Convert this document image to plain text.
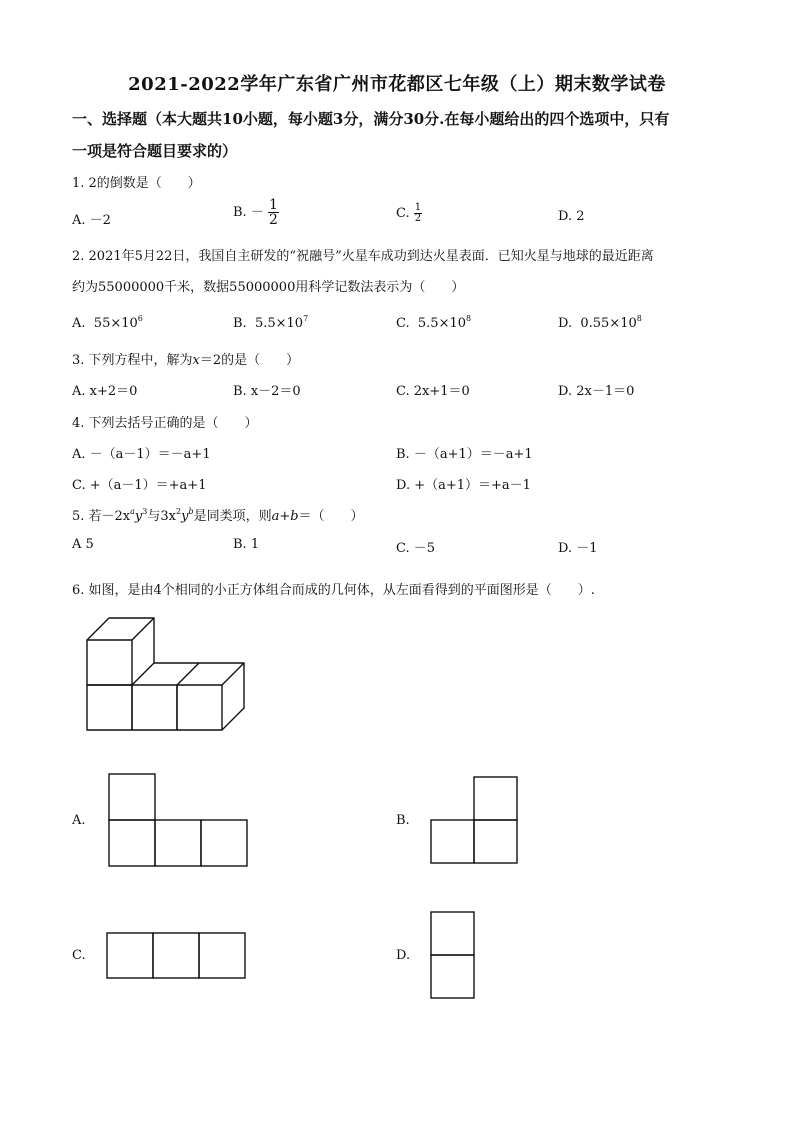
2021-2022学年广东省广州市花都区七年级（上）期末数学试卷
一、选择题（本大题共10小题，每小题3分，满分30分.在每小题给出的四个选项中，只有
一项是符合题目要求的）
1. 2的倒数是（　　）
A. －2
B. － $\frac{1}{2}$	C. $\frac{1}{2}$	D. 2
2. 2021年5月22日，我国自主研发的“祝融号”火星车成功到达火星表面．已知火星与地球的最近距离
约为55000000千米，数据55000000用科学记数法表示为（　　）
A. $55\times 10^6$	B. $5.5\times 10^7$	C. $5.5\times 10^8$	D. $0.55\times 10^8$
3. 下列方程中，解为x＝2的是（　　）
A. x+2＝0	B. x－2＝0	C. 2x+1＝0	D. 2x－1＝0
4. 下列去括号正确的是（　　）
A. －（a－1）＝－a+1	B. －（a+1）＝－a+1
C. +（a－1）＝+a+1	D. +（a+1）＝+a－1
5. 若$-2x^ay^3$与$3x^2y^b$是同类项，则a+b＝（　　）
A 5	B. 1	C. －5	D. －1
6. 如图，是由4个相同的小正方体组合而成的几何体，从左面看得到的平面图形是（　　）.
A.	B.
C.	D.
